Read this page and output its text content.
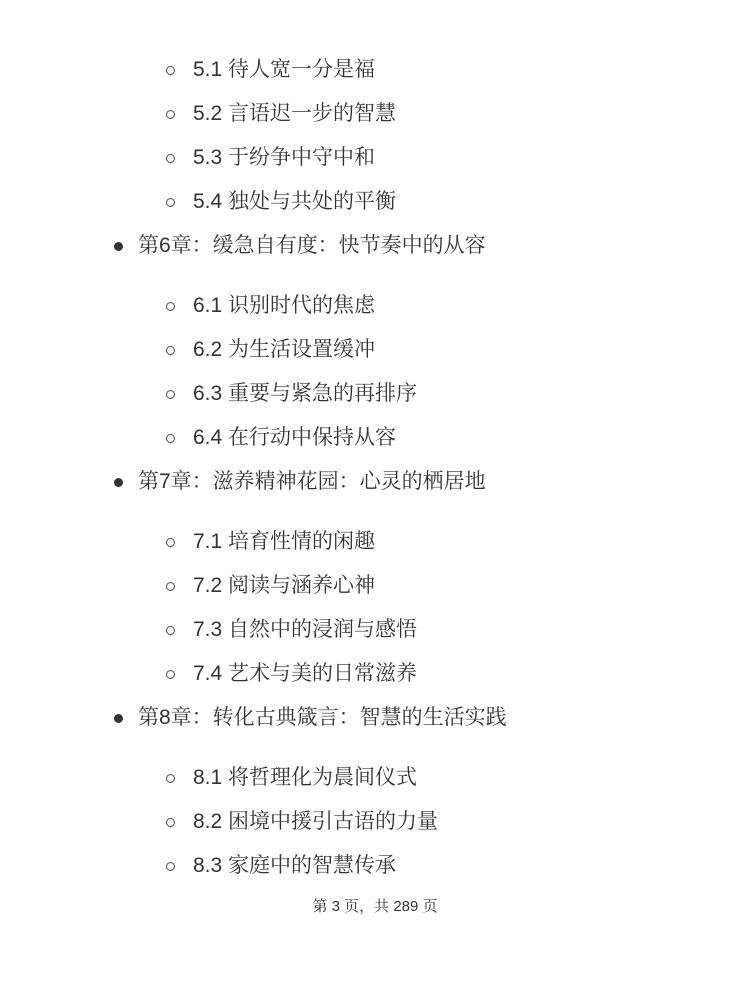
5.1 待人宽一分是福
5.2 言语迟一步的智慧
5.3 于纷争中守中和
5.4 独处与共处的平衡
第6章：缓急自有度：快节奏中的从容
6.1 识别时代的焦虑
6.2 为生活设置缓冲
6.3 重要与紧急的再排序
6.4 在行动中保持从容
第7章：滋养精神花园：心灵的栖居地
7.1 培育性情的闲趣
7.2 阅读与涵养心神
7.3 自然中的浸润与感悟
7.4 艺术与美的日常滋养
第8章：转化古典箴言：智慧的生活实践
8.1 将哲理化为晨间仪式
8.2 困境中援引古语的力量
8.3 家庭中的智慧传承
第 3 页，共 289 页
